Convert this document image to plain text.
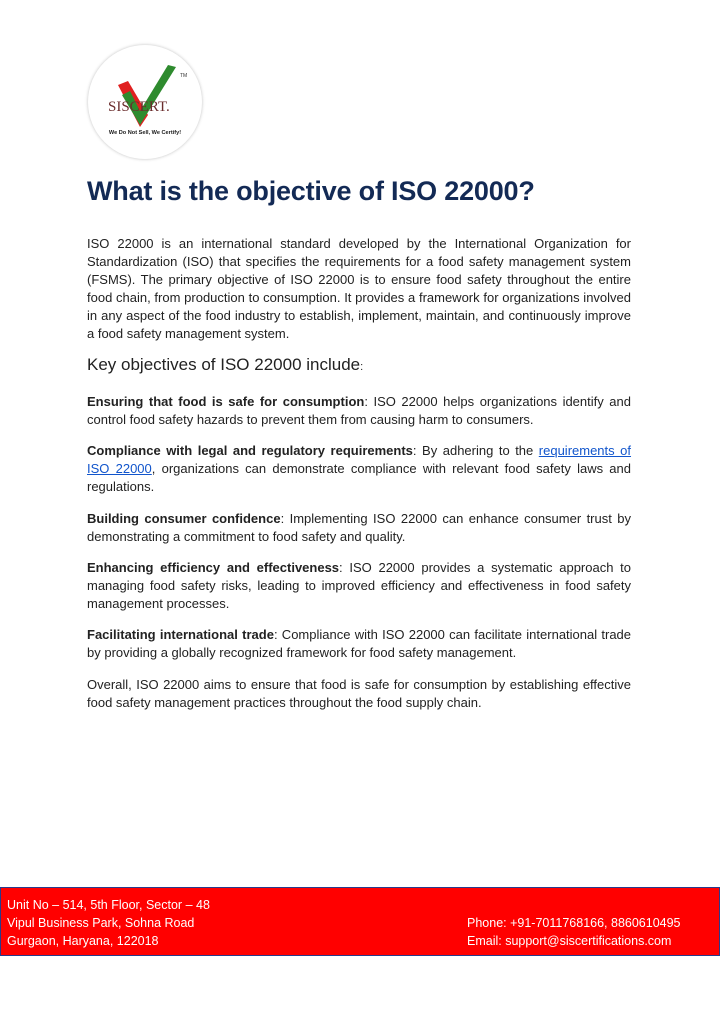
SISCERT.
TM
We Do Not Sell, We Certify!
What is the objective of ISO 22000?

ISO 22000 is an international standard developed by the International Organization for Standardization (ISO) that specifies the requirements for a food safety management system (FSMS). The primary objective of ISO 22000 is to ensure food safety throughout the entire food chain, from production to consumption. It provides a framework for organizations involved in any aspect of the food industry to establish, implement, maintain, and continuously improve a food safety management system.

Key objectives of ISO 22000 include:

Ensuring that food is safe for consumption: ISO 22000 helps organizations identify and control food safety hazards to prevent them from causing harm to consumers.

Compliance with legal and regulatory requirements: By adhering to the requirements of ISO 22000, organizations can demonstrate compliance with relevant food safety laws and regulations.

Building consumer confidence: Implementing ISO 22000 can enhance consumer trust by demonstrating a commitment to food safety and quality.

Enhancing efficiency and effectiveness: ISO 22000 provides a systematic approach to managing food safety risks, leading to improved efficiency and effectiveness in food safety management processes.

Facilitating international trade: Compliance with ISO 22000 can facilitate international trade by providing a globally recognized framework for food safety management.

Overall, ISO 22000 aims to ensure that food is safe for consumption by establishing effective food safety management practices throughout the food supply chain.

Unit No – 514, 5th Floor, Sector – 48
Vipul Business Park, Sohna Road
Gurgaon, Haryana, 122018
Phone: +91-7011768166, 8860610495
Email: support@siscertifications.com
